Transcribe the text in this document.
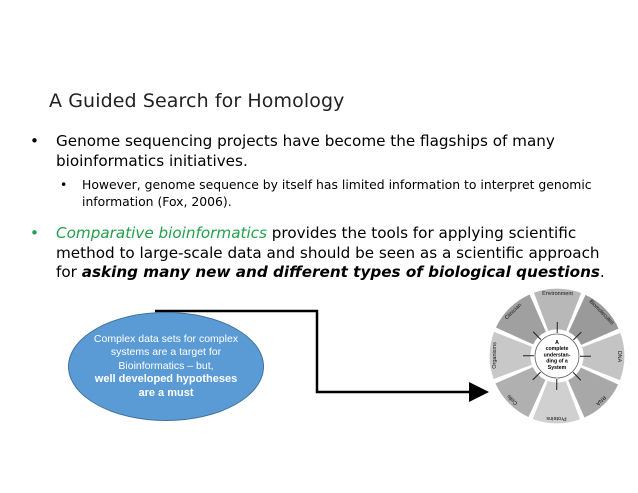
A Guided Search for Homology

• Genome sequencing projects have become the flagships of many bioinformatics initiatives.

• However, genome sequence by itself has limited information to interpret genomic information (Fox, 2006).

• Comparative bioinformatics provides the tools for applying scientific method to large-scale data and should be seen as a scientific approach for asking many new and different types of biological questions.

Complex data sets for complex systems are a target for Bioinformatics – but,
well developed hypotheses are a must
Environment
Biomolecules
DNA
RNA
Proteins
Cells
Organisms
Clinician
A
complete
understan-
ding of a
System
